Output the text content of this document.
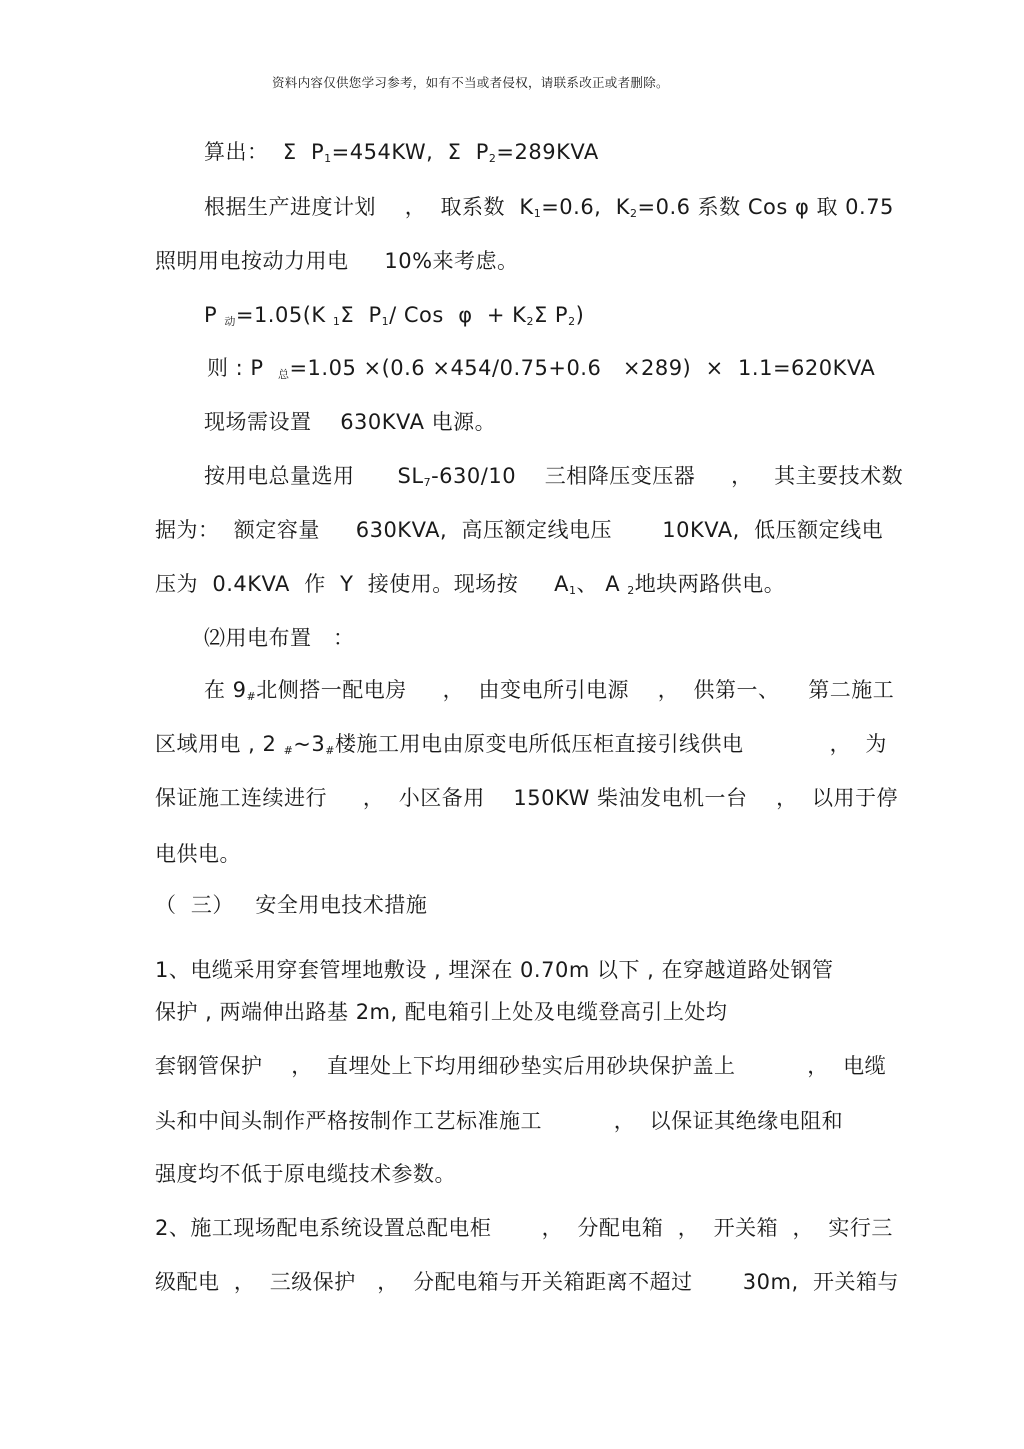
资料内容仅供您学习参考，如有不当或者侵权，请联系改正或者删除。
算出：  Σ  $P_1=454KW$,  Σ  $P_2=289KVA$
根据生产进度计划    ，  取系数  $K_1=0.6$,  $K_2=0.6$ 系数 Cos φ 取 0.75
照明用电按动力用电     10%来考虑。
P $_动$=1.05(K $_1$Σ  $P_1/$ Cos  $\varphi + K_2\Sigma$ $P_2$)
则 : P  $_总$=1.05 ×(0.6 ×454/0.75+0.6   ×289)  ×  1.1=620KVA
现场需设置    630KVA 电源。
按用电总量选用      $SL_7-630/10$    三相降压变压器     ，   其主要技术数
据为：  额定容量     630KVA,  高压额定线电压       10KVA,  低压额定线电
压为  0.4KVA  作  Y  接使用。现场按     $A_1$、 A $_2$地块两路供电。
⑵用电布置   ：
在 $9_{\#}$北侧搭一配电房     ，  由变电所引电源    ，  供第一、    第二施工
区域用电 , 2 $_{\#}\sim 3_{\#}$楼施工用电由原变电所低压柜直接引线供电            ，  为
保证施工连续进行     ，  小区备用    150KW 柴油发电机一台    ，  以用于停
电供电。
（  三）   安全用电技术措施
1、电缆采用穿套管埋地敷设 , 埋深在 0.70m 以下 , 在穿越道路处钢管
保护 , 两端伸出路基 2m, 配电箱引上处及电缆登高引上处均
套钢管保护    ，  直埋处上下均用细砂垫实后用砂块保护盖上          ，  电缆
头和中间头制作严格按制作工艺标准施工          ，  以保证其绝缘电阻和
强度均不低于原电缆技术参数。
2、施工现场配电系统设置总配电柜       ，  分配电箱  ，  开关箱  ，  实行三
级配电  ，  三级保护   ，  分配电箱与开关箱距离不超过       30m,  开关箱与
